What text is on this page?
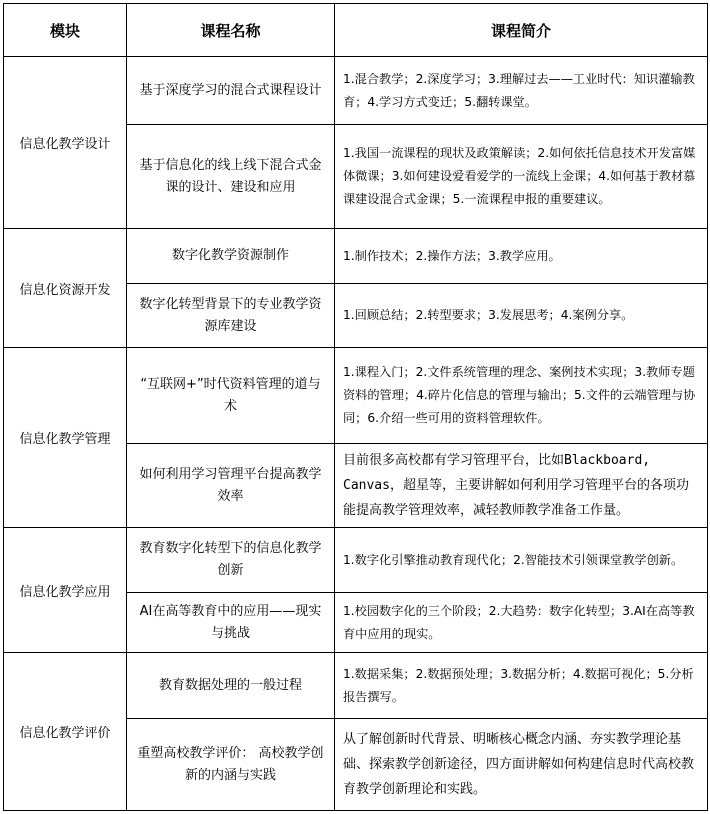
模块	课程名称	课程简介
信息化教学设计	基于深度学习的混合式课程设计	1.混合教学；2.深度学习；3.理解过去——工业时代：知识灌输教育；4.学习方式变迁；5.翻转课堂。
	基于信息化的线上线下混合式金课的设计、建设和应用	1.我国一流课程的现状及政策解读；2.如何依托信息技术开发富媒体微课；3.如何建设爱看爱学的一流线上金课；4.如何基于教材慕课建设混合式金课；5.一流课程申报的重要建议。
信息化资源开发	数字化教学资源制作	1.制作技术；2.操作方法；3.教学应用。
	数字化转型背景下的专业教学资源库建设	1.回顾总结；2.转型要求；3.发展思考；4.案例分享。
信息化教学管理	“互联网+”时代资料管理的道与术	1.课程入门；2.文件系统管理的理念、案例技术实现；3.教师专题资料的管理；4.碎片化信息的管理与输出；5.文件的云端管理与协同；6.介绍一些可用的资料管理软件。
	如何利用学习管理平台提高教学效率	目前很多高校都有学习管理平台，比如Blackboard, Canvas，超星等，主要讲解如何利用学习管理平台的各项功能提高教学管理效率，减轻教师教学准备工作量。
信息化教学应用	教育数字化转型下的信息化教学创新	1.数字化引擎推动教育现代化；2.智能技术引领课堂教学创新。
	AI在高等教育中的应用——现实与挑战	1.校园数字化的三个阶段；2.大趋势：数字化转型；3.AI在高等教育中应用的现实。
信息化教学评价	教育数据处理的一般过程	1.数据采集；2.数据预处理；3.数据分析；4.数据可视化；5.分析报告撰写。
	重塑高校教学评价： 高校教学创新的内涵与实践	从了解创新时代背景、明晰核心概念内涵、夯实教学理论基础、探索教学创新途径，四方面讲解如何构建信息时代高校教育教学创新理论和实践。
